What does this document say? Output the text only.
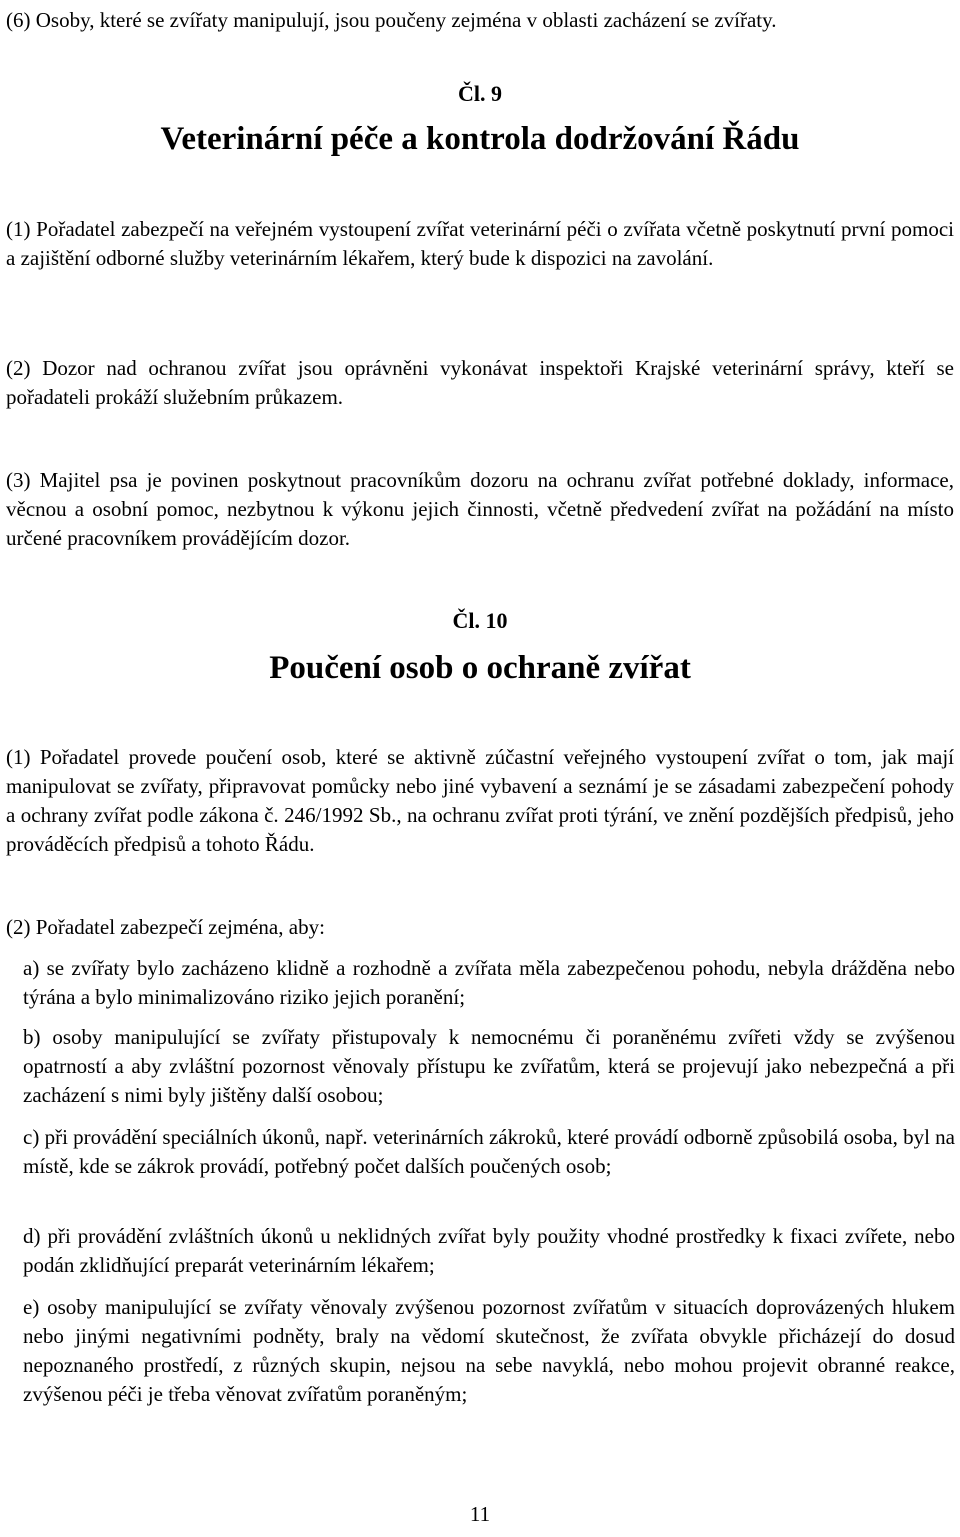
(6) Osoby, které se zvířaty manipulují, jsou poučeny zejména v oblasti zacházení se zvířaty.

Čl. 9
Veterinární péče a kontrola dodržování Řádu

(1) Pořadatel zabezpečí na veřejném vystoupení zvířat veterinární péči o zvířata včetně poskytnutí první pomoci a zajištění odborné služby veterinárním lékařem, který bude k dispozici na zavolání.

(2) Dozor nad ochranou zvířat jsou oprávněni vykonávat inspektoři Krajské veterinární správy, kteří se pořadateli prokáží služebním průkazem.

(3) Majitel psa je povinen poskytnout pracovníkům dozoru na ochranu zvířat potřebné doklady, informace, věcnou a osobní pomoc, nezbytnou k výkonu jejich činnosti, včetně předvedení zvířat na požádání na místo určené pracovníkem provádějícím dozor.

Čl. 10
Poučení osob o ochraně zvířat

(1) Pořadatel provede poučení osob, které se aktivně zúčastní veřejného vystoupení zvířat o tom, jak mají manipulovat se zvířaty, připravovat pomůcky nebo jiné vybavení a seznámí je se zásadami zabezpečení pohody a ochrany zvířat podle zákona č. 246/1992 Sb., na ochranu zvířat proti týrání, ve znění pozdějších předpisů, jeho prováděcích předpisů a tohoto Řádu.

(2) Pořadatel zabezpečí zejména, aby:

a) se zvířaty bylo zacházeno klidně a rozhodně a zvířata měla zabezpečenou pohodu, nebyla drážděna nebo týrána a bylo minimalizováno riziko jejich poranění;

b) osoby manipulující se zvířaty přistupovaly k nemocnému či poraněnému zvířeti vždy se zvýšenou opatrností a aby zvláštní pozornost věnovaly přístupu ke zvířatům, která se projevují jako nebezpečná a při zacházení s nimi byly jištěny další osobou;

c) při provádění speciálních úkonů, např. veterinárních zákroků, které provádí odborně způsobilá osoba, byl na místě, kde se zákrok provádí, potřebný počet dalších poučených osob;

d) při provádění zvláštních úkonů u neklidných zvířat byly použity vhodné prostředky k fixaci zvířete, nebo podán zklidňující preparát veterinárním lékařem;

e) osoby manipulující se zvířaty věnovaly zvýšenou pozornost zvířatům v situacích doprovázených hlukem nebo jinými negativními podněty, braly na vědomí skutečnost, že zvířata obvykle přicházejí do dosud nepoznaného prostředí, z různých skupin, nejsou na sebe navyklá, nebo mohou projevit obranné reakce, zvýšenou péči je třeba věnovat zvířatům poraněným;

11
